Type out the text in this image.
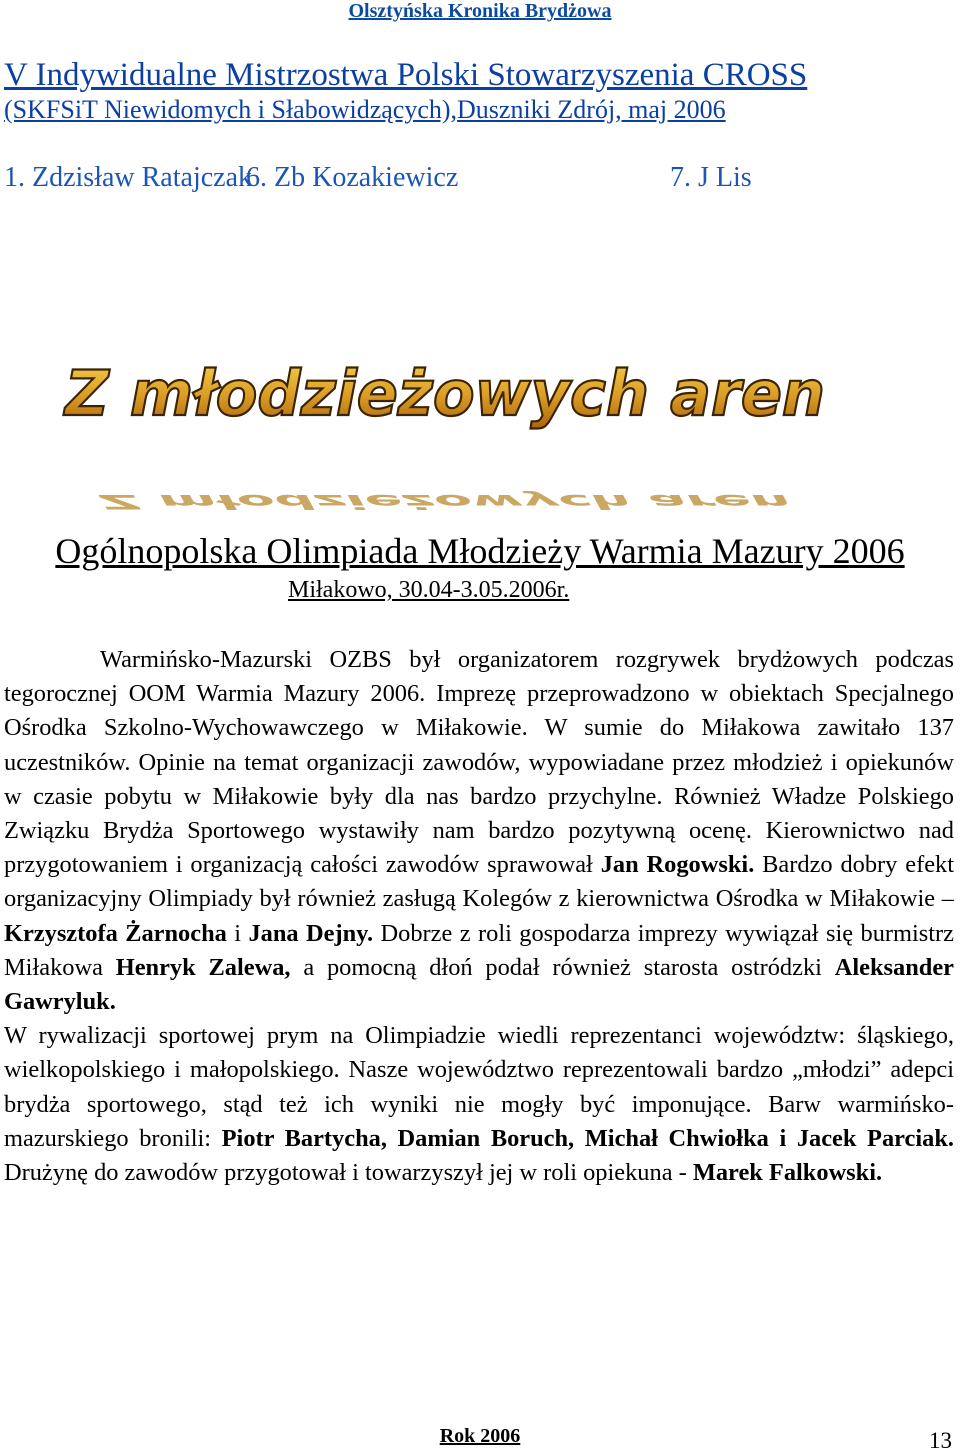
Olsztyńska Kronika Brydżowa
V Indywidualne Mistrzostwa Polski Stowarzyszenia CROSS
(SKFSiT Niewidomych i Słabowidzących),Duszniki Zdrój, maj 2006
1. Zdzisław Ratajczak
6. Zb Kozakiewicz	7. J Lis
Z młodzieżowych aren
Z młodzieżowych aren
Ogólnopolska Olimpiada Młodzieży Warmia Mazury 2006
Miłakowo, 30.04-3.05.2006r.

Warmińsko-Mazurski OZBS był organizatorem rozgrywek brydżowych podczas tegorocznej OOM Warmia Mazury 2006. Imprezę przeprowadzono w obiektach Specjalnego Ośrodka Szkolno-Wychowawczego w Miłakowie. W sumie do Miłakowa zawitało 137 uczestników. Opinie na temat organizacji zawodów, wypowiadane przez młodzież i opiekunów w czasie pobytu w Miłakowie były dla nas bardzo przychylne. Również Władze Polskiego Związku Brydża Sportowego wystawiły nam bardzo pozytywną ocenę. Kierownictwo nad przygotowaniem i organizacją całości zawodów sprawował Jan Rogowski. Bardzo dobry efekt organizacyjny Olimpiady był również zasługą Kolegów z kierownictwa Ośrodka w Miłakowie – Krzysztofa Żarnocha i Jana Dejny. Dobrze z roli gospodarza imprezy wywiązał się burmistrz Miłakowa Henryk Zalewa, a pomocną dłoń podał również starosta ostródzki Aleksander Gawryluk.

W rywalizacji sportowej prym na Olimpiadzie wiedli reprezentanci województw: śląskiego, wielkopolskiego i małopolskiego. Nasze województwo reprezentowali bardzo „młodzi” adepci brydża sportowego, stąd też ich wyniki nie mogły być imponujące. Barw warmińsko-mazurskiego bronili: Piotr Bartycha, Damian Boruch, Michał Chwiołka i Jacek Parciak. Drużynę do zawodów przygotował i towarzyszył jej w roli opiekuna - Marek Falkowski.

Rok 2006	13
